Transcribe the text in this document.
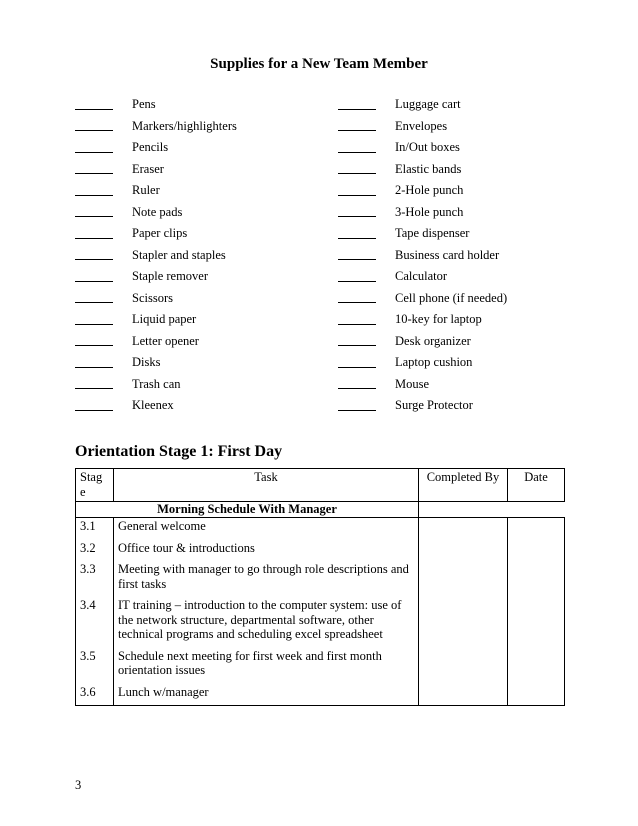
Supplies for a New Team Member
Pens
Markers/highlighters
Pencils
Eraser
Ruler
Note pads
Paper clips
Stapler and staples
Staple remover
Scissors
Liquid paper
Letter opener
Disks
Trash can
Kleenex
Luggage cart
Envelopes
In/Out boxes
Elastic bands
2-Hole punch
3-Hole punch
Tape dispenser
Business card holder
Calculator
Cell phone (if needed)
10-key for laptop
Desk organizer
Laptop cushion
Mouse
Surge Protector
Orientation Stage 1: First Day
Stag e	Task	Completed By	Date
Morning Schedule With Manager			
3.1	General welcome		
3.2	Office tour & introductions		
3.3	Meeting with manager to go through role descriptions and first tasks		
3.4	IT training – introduction to the computer system: use of the network structure, departmental software, other technical programs and scheduling excel spreadsheet		
3.5	Schedule next meeting for first week and first month orientation issues		
3.6	Lunch w/manager		
3
